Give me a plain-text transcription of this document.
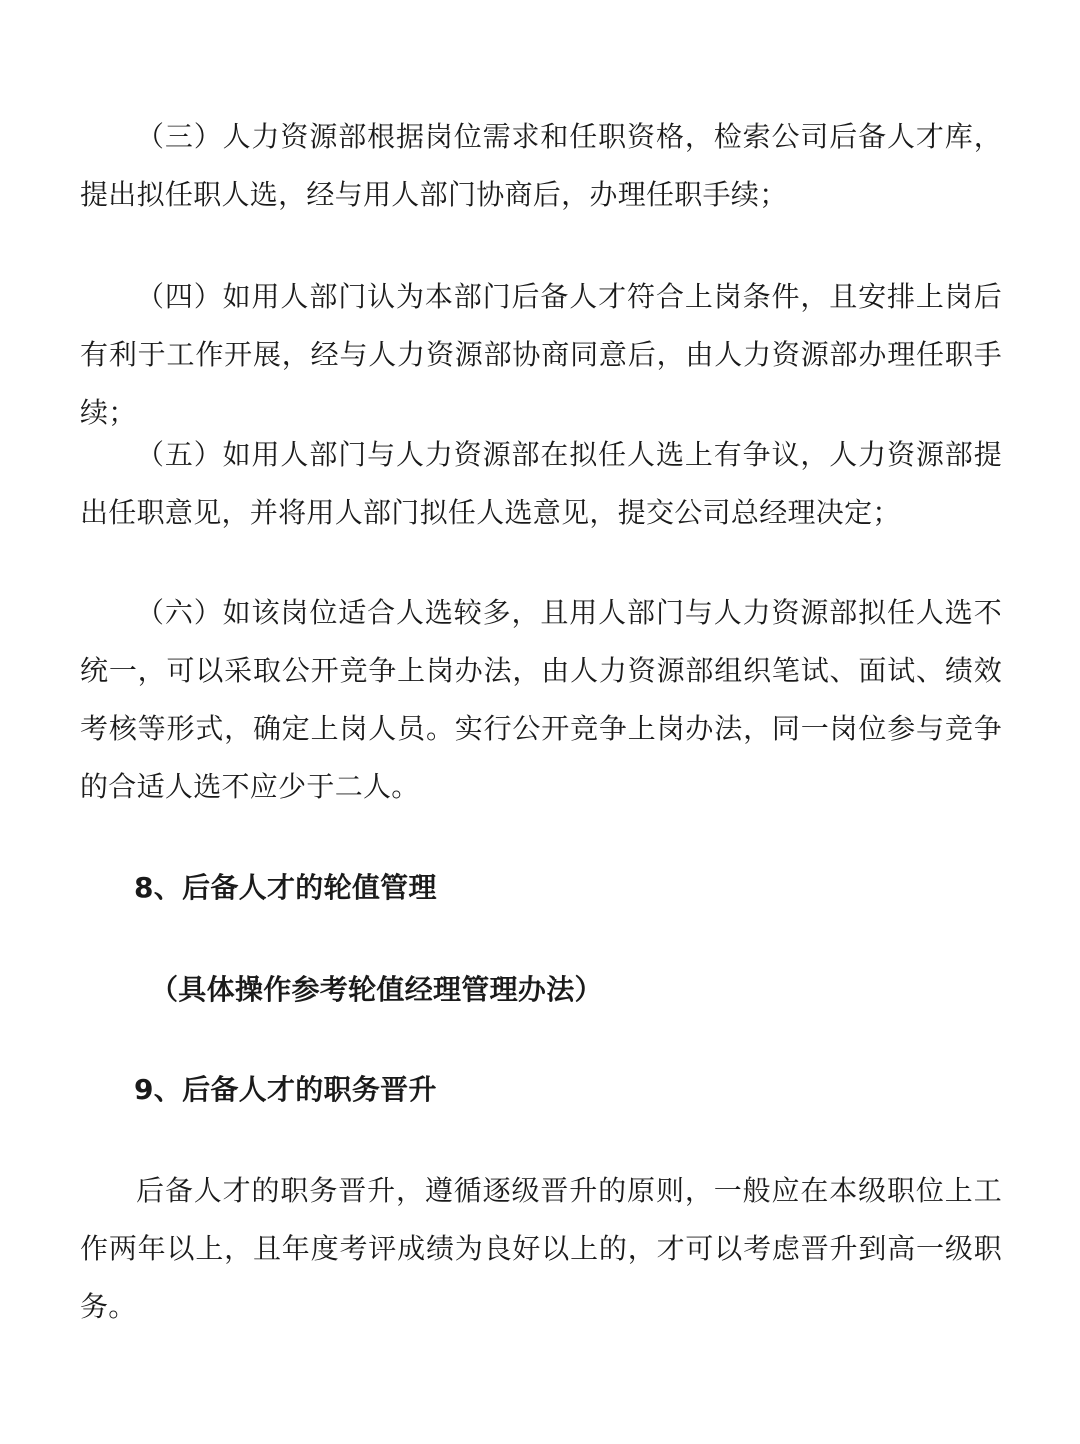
（三）人力资源部根据岗位需求和任职资格，检索公司后备人才库，提出拟任职人选，经与用人部门协商后，办理任职手续；

（四）如用人部门认为本部门后备人才符合上岗条件，且安排上岗后有利于工作开展，经与人力资源部协商同意后，由人力资源部办理任职手续；

（五）如用人部门与人力资源部在拟任人选上有争议，人力资源部提出任职意见，并将用人部门拟任人选意见，提交公司总经理决定；

（六）如该岗位适合人选较多，且用人部门与人力资源部拟任人选不统一，可以采取公开竞争上岗办法，由人力资源部组织笔试、面试、绩效考核等形式，确定上岗人员。实行公开竞争上岗办法，同一岗位参与竞争的合适人选不应少于二人。

8、后备人才的轮值管理

（具体操作参考轮值经理管理办法）

9、后备人才的职务晋升

后备人才的职务晋升，遵循逐级晋升的原则，一般应在本级职位上工作两年以上，且年度考评成绩为良好以上的，才可以考虑晋升到高一级职务。
